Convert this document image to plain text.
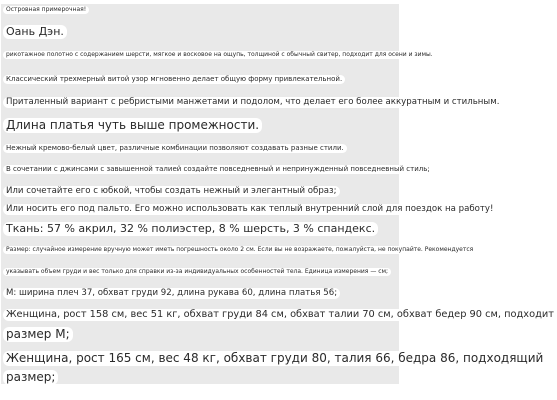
Островная примерочная!
Оань Дэн.
рикотажное полотно с содержанием шерсти, мягкое и восковое на ощупь, толщиной с обычный свитер, подходит для осени и зимы.
Классический трехмерный витой узор мгновенно делает общую форму привлекательной.
Приталенный вариант с ребристыми манжетами и подолом, что делает его более аккуратным и стильным.
Длина платья чуть выше промежности.
Нежный кремово-белый цвет, различные комбинации позволяют создавать разные стили.
В сочетании с джинсами с завышенной талией создайте повседневный и непринужденный повседневный стиль;
Или сочетайте его с юбкой, чтобы создать нежный и элегантный образ;
Или носить его под пальто. Его можно использовать как теплый внутренний слой для поездок на работу!
Ткань: 57 % акрил, 32 % полиэстер, 8 % шерсть, 3 % спандекс.
Размер: случайное измерение вручную может иметь погрешность около 2 см. Если вы не возражаете, пожалуйста, не покупайте. Рекомендуется
указывать объем груди и вес только для справки из-за индивидуальных особенностей тела. Единица измерения — см;
М: ширина плеч 37, обхват груди 92, длина рукава 60, длина платья 56;
Женщина, рост 158 см, вес 51 кг, обхват груди 84 см, обхват талии 70 см, обхват бедер 90 см, подходит
размер M;
Женщина, рост 165 см, вес 48 кг, обхват груди 80, талия 66, бедра 86, подходящий
размер;
